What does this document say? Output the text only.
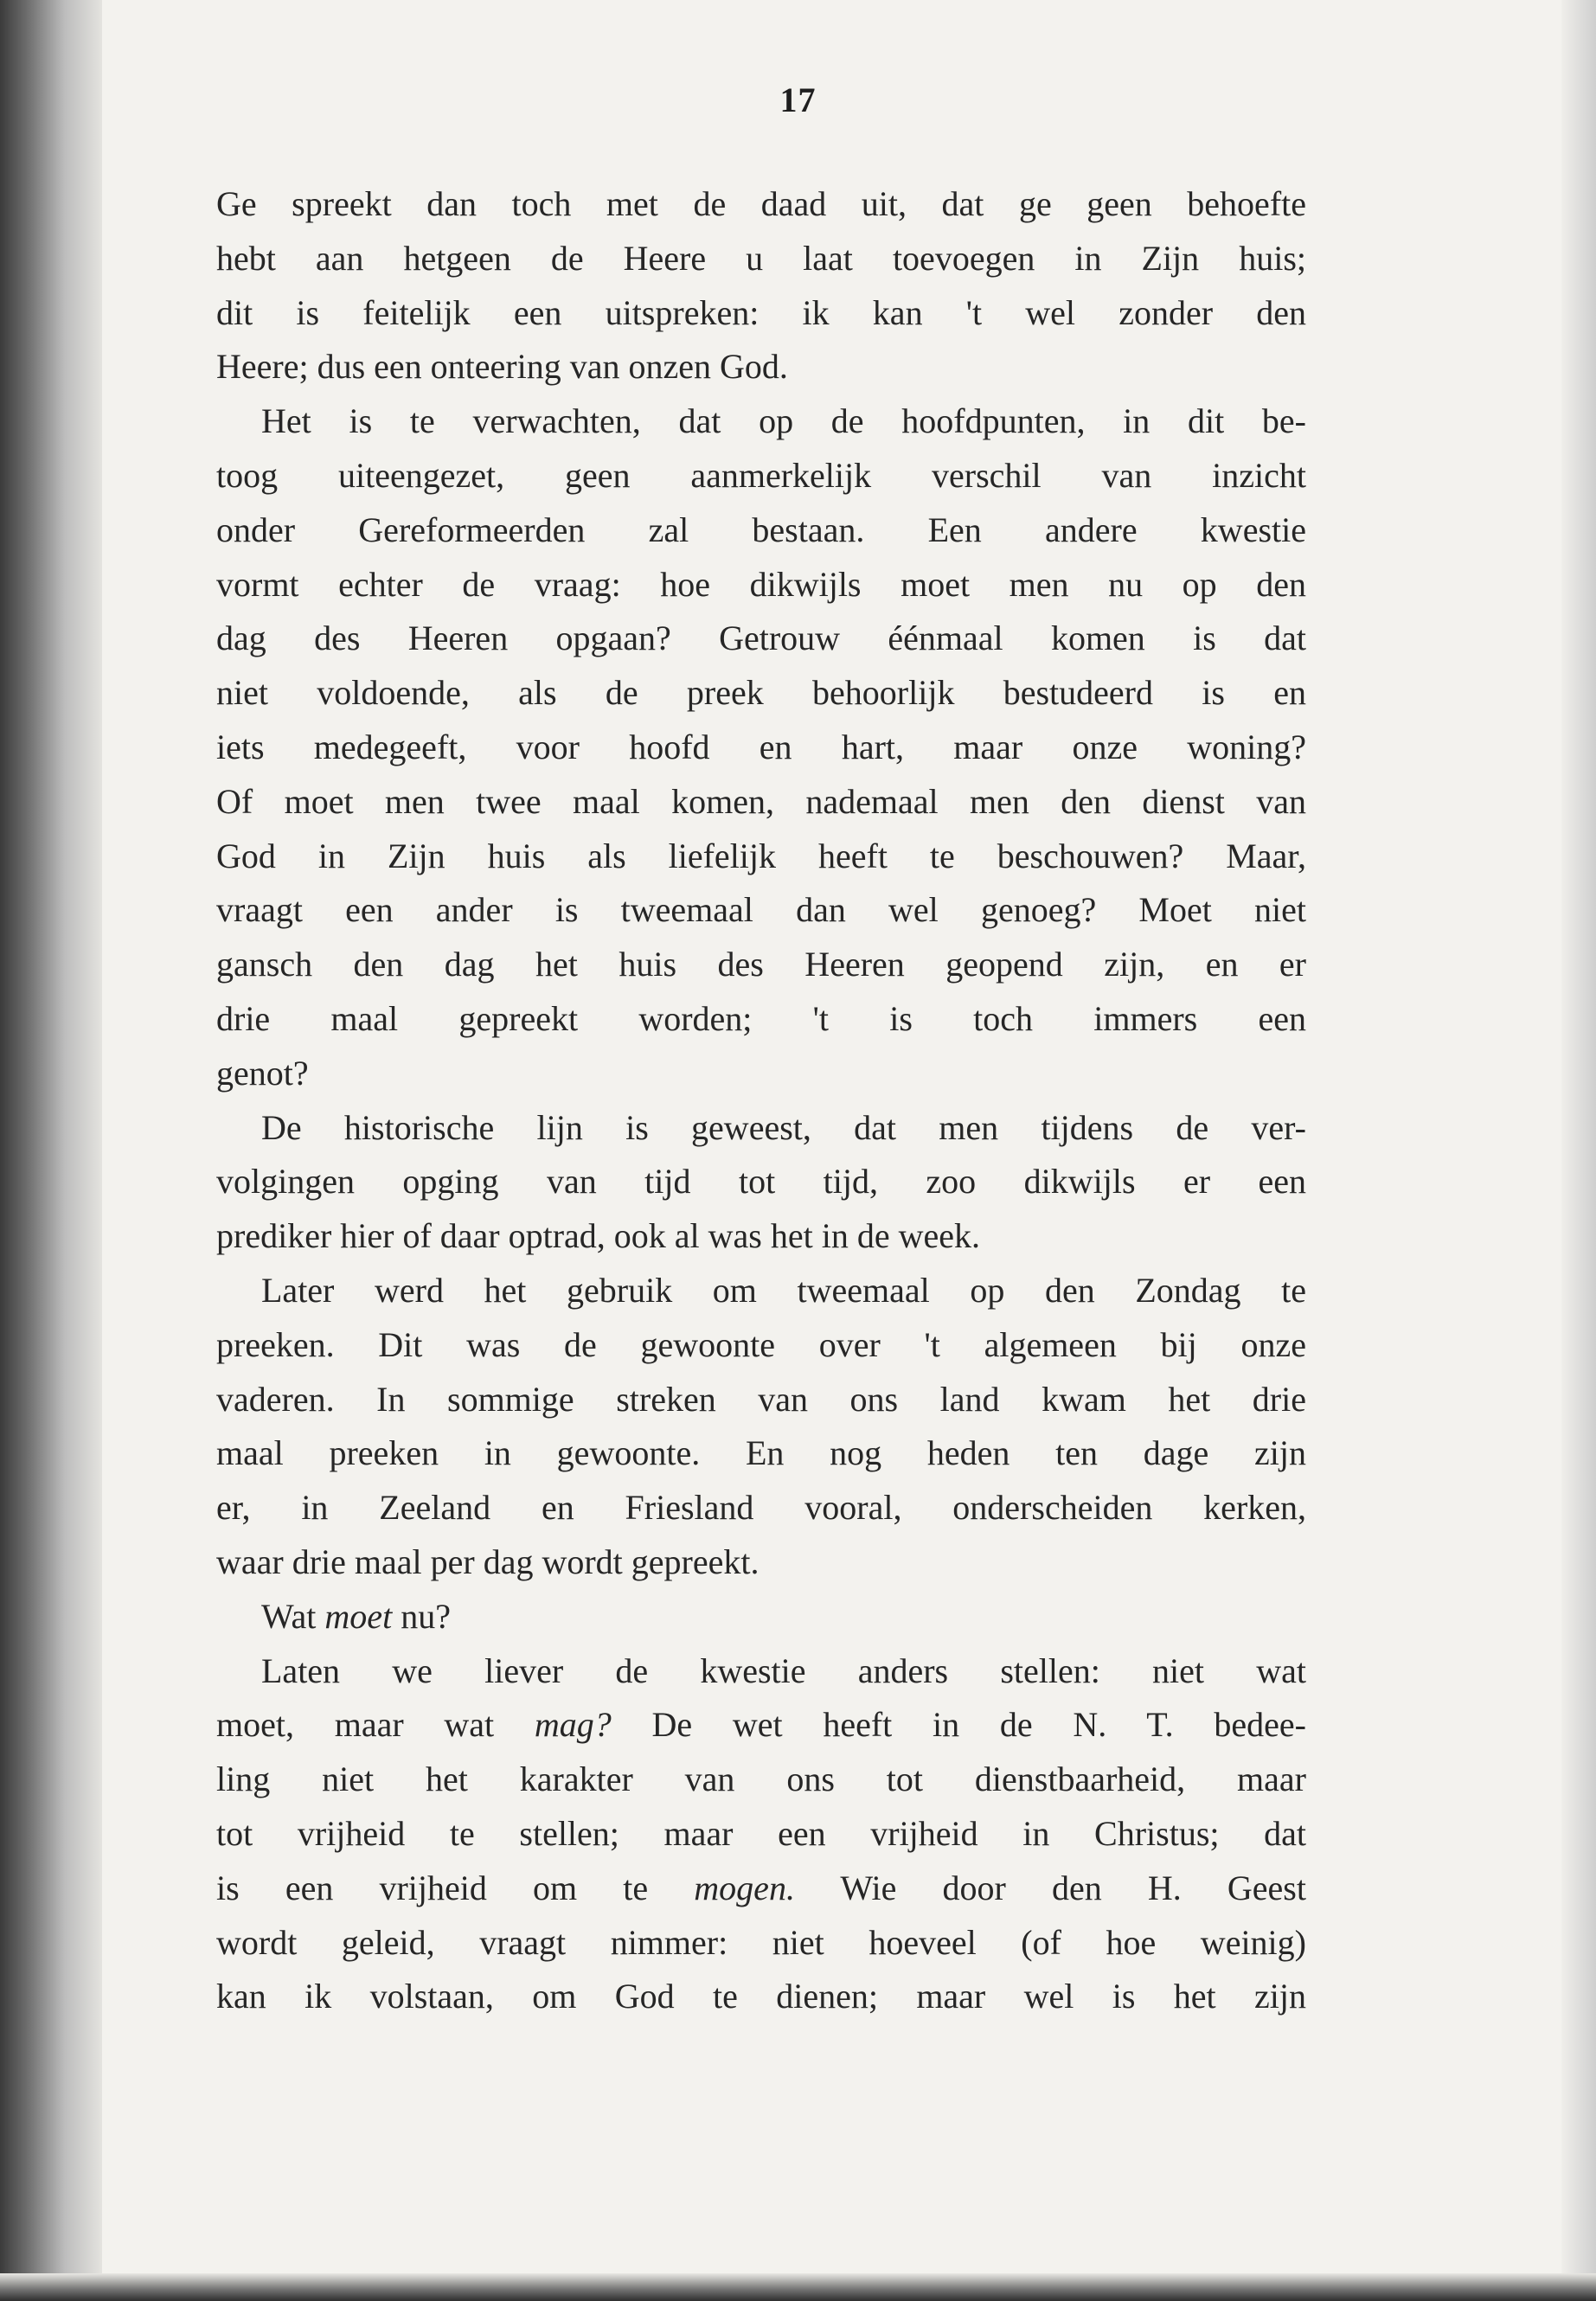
17
Ge spreekt dan toch met de daad uit, dat ge geen behoefte
hebt aan hetgeen de Heere u laat toevoegen in Zijn huis;
dit is feitelijk een uitspreken: ik kan 't wel zonder den
Heere; dus een onteering van onzen God.
Het is te verwachten, dat op de hoofdpunten, in dit be-
toog uiteengezet, geen aanmerkelijk verschil van inzicht
onder Gereformeerden zal bestaan. Een andere kwestie
vormt echter de vraag: hoe dikwijls moet men nu op den
dag des Heeren opgaan? Getrouw éénmaal komen is dat
niet voldoende, als de preek behoorlijk bestudeerd is en
iets medegeeft, voor hoofd en hart, maar onze woning?
Of moet men twee maal komen, nademaal men den dienst van
God in Zijn huis als liefelijk heeft te beschouwen? Maar,
vraagt een ander is tweemaal dan wel genoeg? Moet niet
gansch den dag het huis des Heeren geopend zijn, en er
drie maal gepreekt worden; 't is toch immers een
genot?
De historische lijn is geweest, dat men tijdens de ver-
volgingen opging van tijd tot tijd, zoo dikwijls er een
prediker hier of daar optrad, ook al was het in de week.
Later werd het gebruik om tweemaal op den Zondag te
preeken. Dit was de gewoonte over 't algemeen bij onze
vaderen. In sommige streken van ons land kwam het drie
maal preeken in gewoonte. En nog heden ten dage zijn
er, in Zeeland en Friesland vooral, onderscheiden kerken,
waar drie maal per dag wordt gepreekt.
Wat moet nu?
Laten we liever de kwestie anders stellen: niet wat
moet, maar wat mag? De wet heeft in de N. T. bedee-
ling niet het karakter van ons tot dienstbaarheid, maar
tot vrijheid te stellen; maar een vrijheid in Christus; dat
is een vrijheid om te mogen. Wie door den H. Geest
wordt geleid, vraagt nimmer: niet hoeveel (of hoe weinig)
kan ik volstaan, om God te dienen; maar wel is het zijn
